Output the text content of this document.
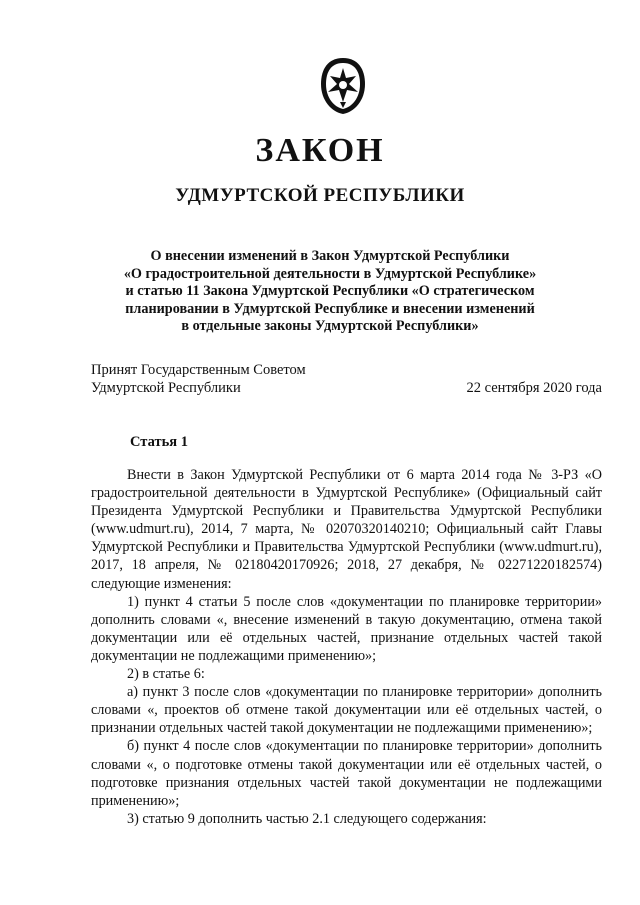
ЗАКОН
УДМУРТСКОЙ РЕСПУБЛИКИ
О внесении изменений в Закон Удмуртской Республики
«О градостроительной деятельности в Удмуртской Республике»
и статью 11 Закона Удмуртской Республики «О стратегическом
планировании в Удмуртской Республике и внесении изменений
в отдельные законы Удмуртской Республики»
Принят Государственным Советом
Удмуртской Республики	22 сентября 2020 года
Статья 1

Внести в Закон Удмуртской Республики от 6 марта 2014 года № 3-РЗ «О градостроительной деятельности в Удмуртской Республике» (Официальный сайт Президента Удмуртской Республики и Правительства Удмуртской Республики (www.udmurt.ru), 2014, 7 марта, № 02070320140210; Официальный сайт Главы Удмуртской Республики и Правительства Удмуртской Республики (www.udmurt.ru), 2017, 18 апреля, № 02180420170926; 2018, 27 декабря, № 02271220182574) следующие изменения:

1) пункт 4 статьи 5 после слов «документации по планировке территории» дополнить словами «, внесение изменений в такую документацию, отмена такой документации или её отдельных частей, признание отдельных частей такой документации не подлежащими применению»;

2) в статье 6:

а) пункт 3 после слов «документации по планировке территории» дополнить словами «, проектов об отмене такой документации или её отдельных частей, о признании отдельных частей такой документации не подлежащими применению»;

б) пункт 4 после слов «документации по планировке территории» дополнить словами «, о подготовке отмены такой документации или её отдельных частей, о подготовке признания отдельных частей такой документации не подлежащими применению»;

3) статью 9 дополнить частью 2.1 следующего содержания:
